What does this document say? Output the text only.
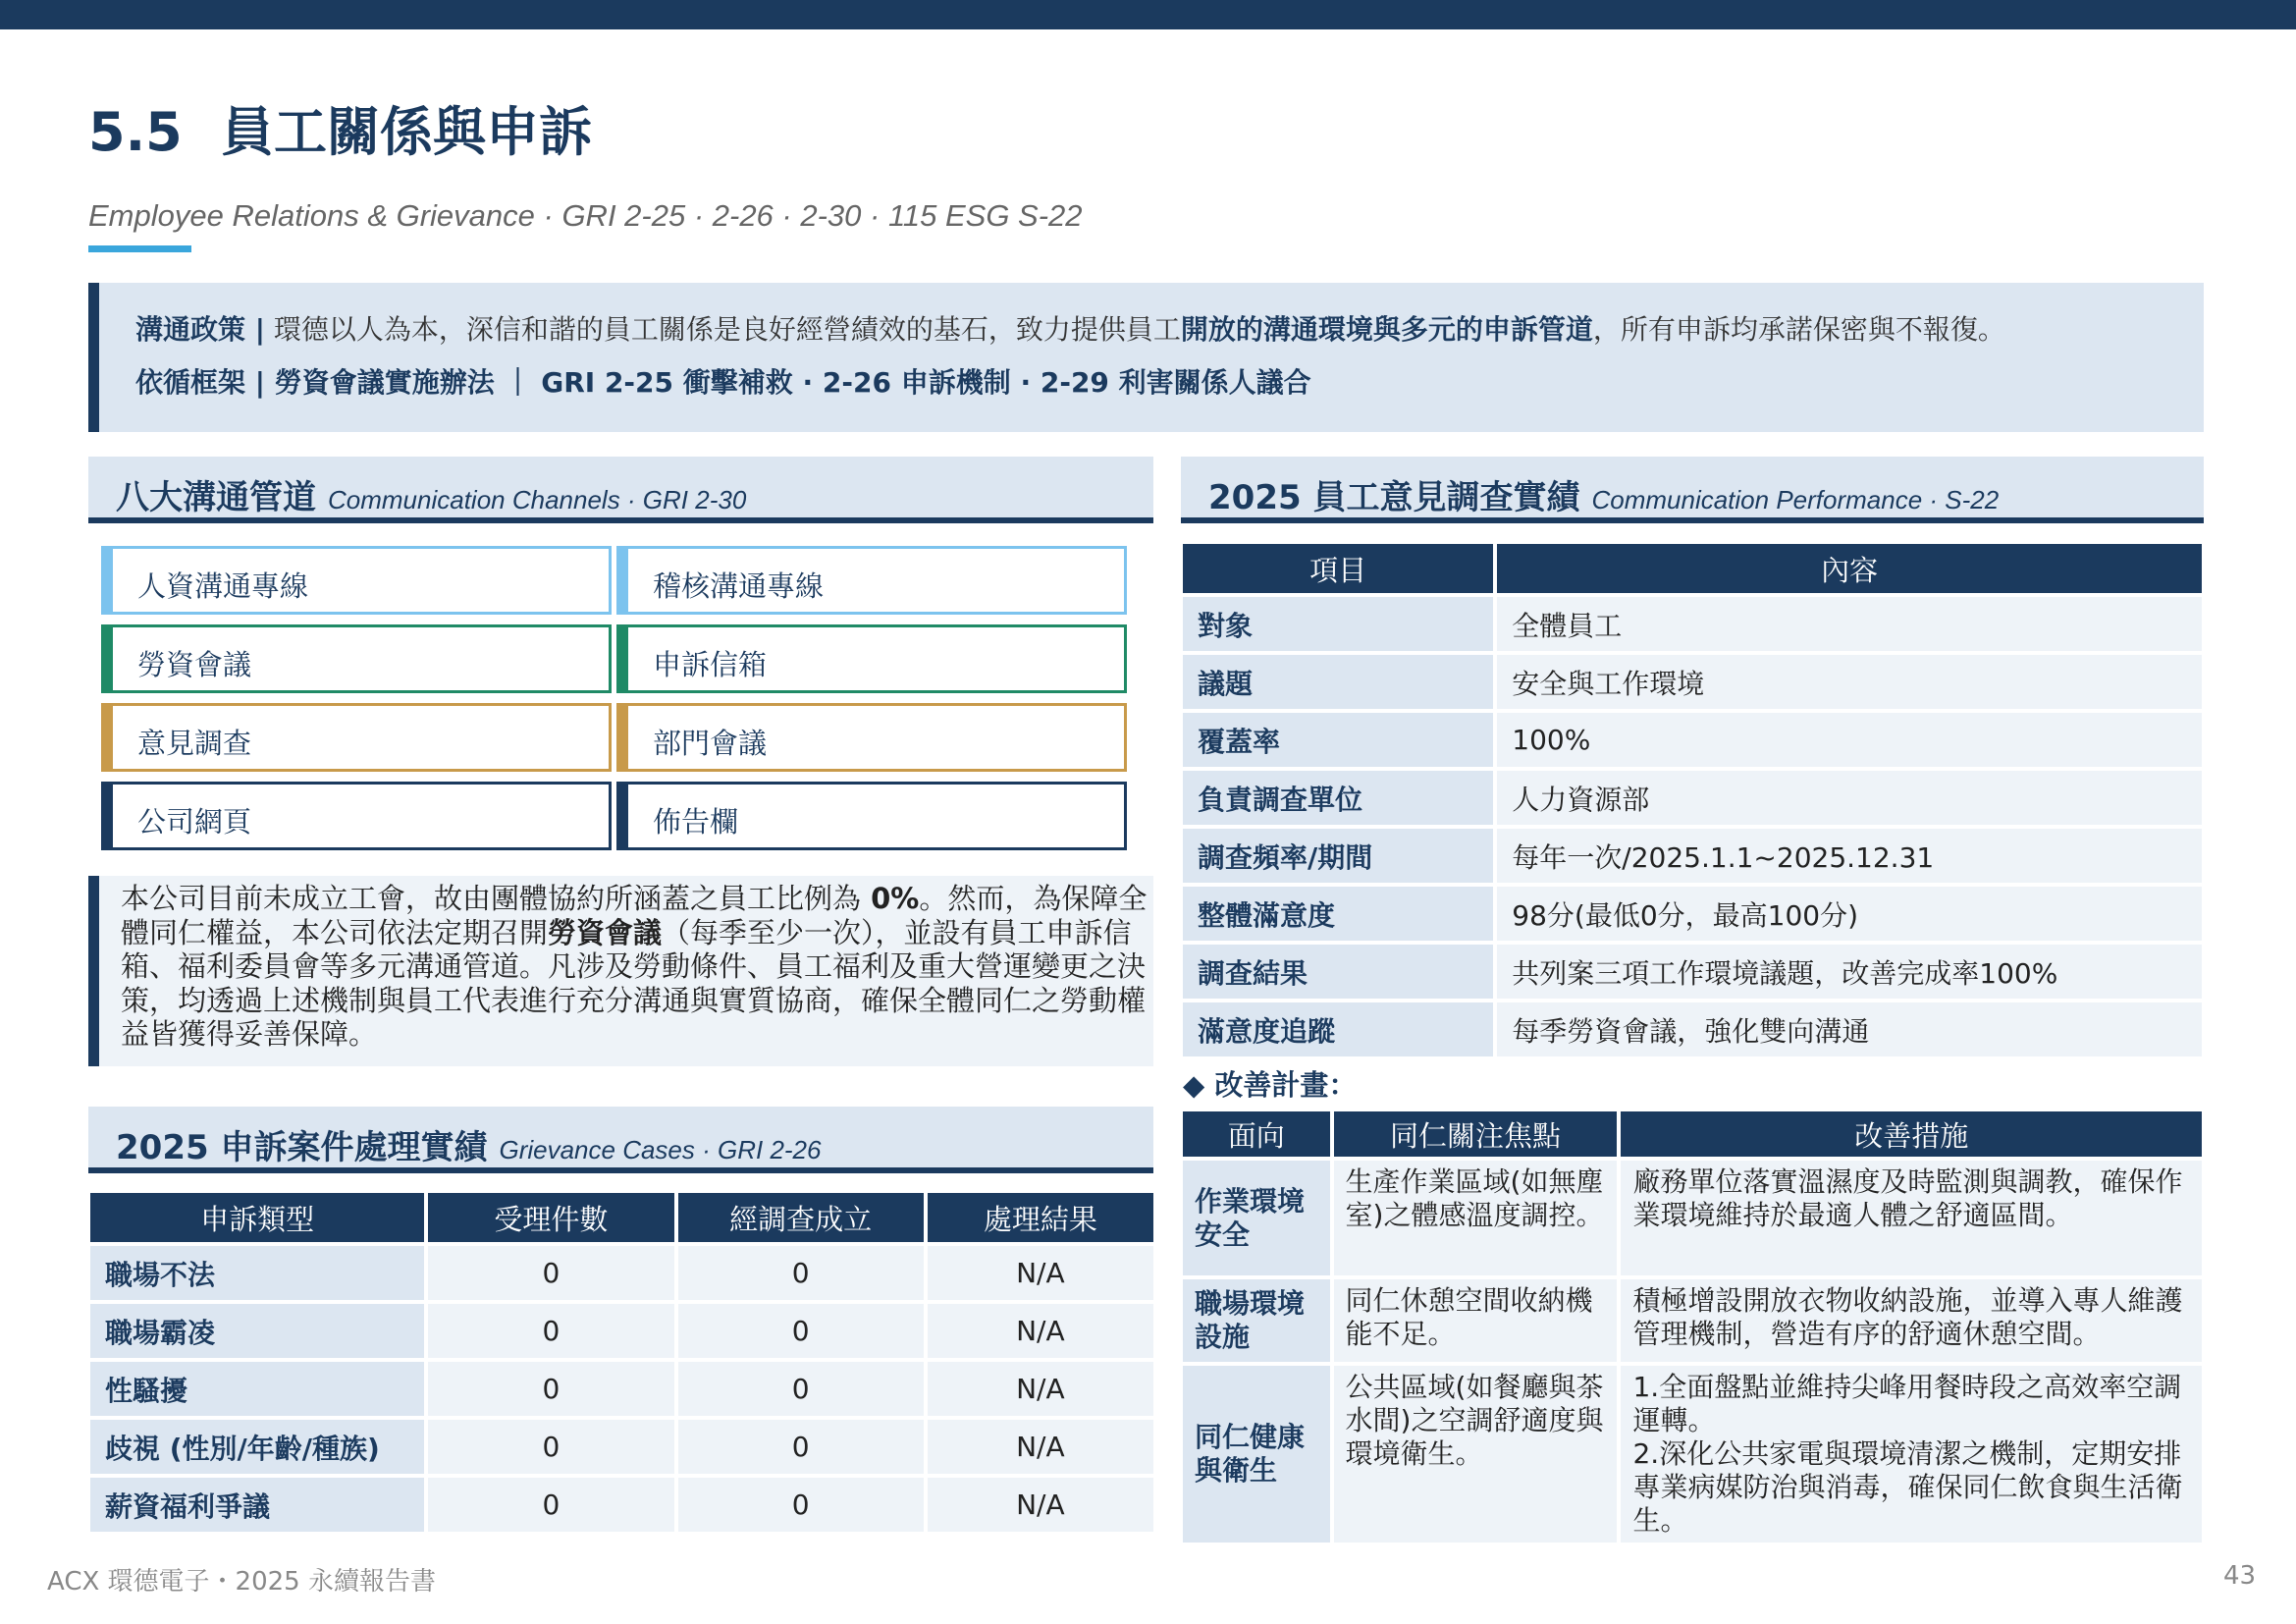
5.5 員工關係與申訴
Employee Relations & Grievance · GRI 2-25 · 2-26 · 2-30 · 115 ESG S-22
溝通政策 | 環德以人為本，深信和諧的員工關係是良好經營績效的基石，致力提供員工開放的溝通環境與多元的申訴管道，所有申訴均承諾保密與不報復。
依循框架 | 勞資會議實施辦法 ｜ GRI 2-25 衝擊補救 · 2-26 申訴機制 · 2-29 利害關係人議合
八大溝通管道 Communication Channels · GRI 2-30
人資溝通專線	稽核溝通專線
勞資會議	申訴信箱
意見調查	部門會議
公司網頁	佈告欄
本公司目前未成立工會，故由團體協約所涵蓋之員工比例為 0%。然而，為保障全體同仁權益，本公司依法定期召開勞資會議（每季至少一次），並設有員工申訴信箱、福利委員會等多元溝通管道。凡涉及勞動條件、員工福利及重大營運變更之決策，均透過上述機制與員工代表進行充分溝通與實質協商，確保全體同仁之勞動權益皆獲得妥善保障。
2025 申訴案件處理實績 Grievance Cases · GRI 2-26
申訴類型	受理件數	經調查成立	處理結果
職場不法	0	0	N/A
職場霸凌	0	0	N/A
性騷擾	0	0	N/A
歧視 (性別/年齡/種族)	0	0	N/A
薪資福利爭議	0	0	N/A
2025 員工意見調查實績 Communication Performance · S-22
項目	內容
對象	全體員工
議題	安全與工作環境
覆蓋率	100%
負責調查單位	人力資源部
調查頻率/期間	每年一次/2025.1.1~2025.12.31
整體滿意度	98分(最低0分，最高100分)
調查結果	共列案三項工作環境議題，改善完成率100%
滿意度追蹤	每季勞資會議，強化雙向溝通
◆ 改善計畫：
面向	同仁關注焦點	改善措施
作業環境安全	生產作業區域(如無塵室)之體感溫度調控。	廠務單位落實溫濕度及時監測與調教，確保作業環境維持於最適人體之舒適區間。
職場環境設施	同仁休憩空間收納機能不足。	積極增設開放衣物收納設施，並導入專人維護管理機制，營造有序的舒適休憩空間。
同仁健康與衛生	公共區域(如餐廳與茶水間)之空調舒適度與環境衛生。	1.全面盤點並維持尖峰用餐時段之高效率空調運轉。
2.深化公共家電與環境清潔之機制，定期安排專業病媒防治與消毒，確保同仁飲食與生活衛生。
ACX 環德電子・2025 永續報告書	43
